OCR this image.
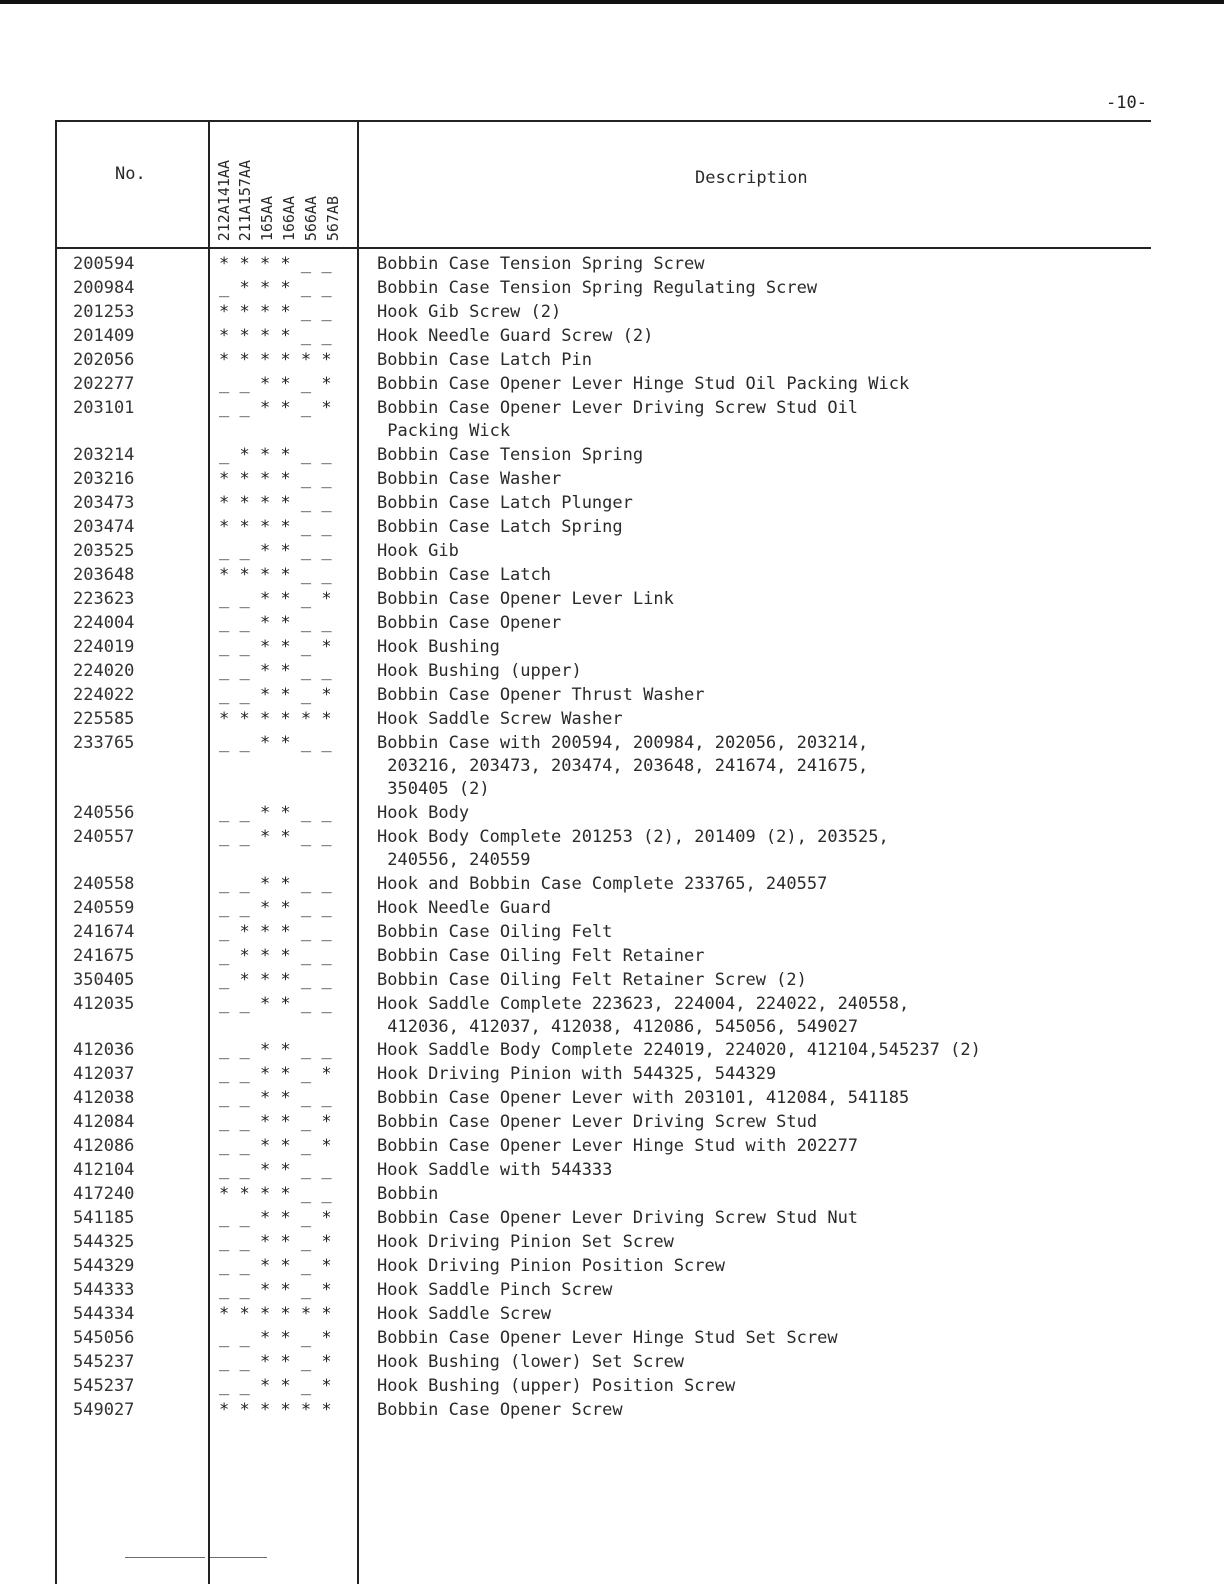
-10-
No.	212A141AA 211A157AA 165AA 166AA 566AA 567AB
Description
200594	* * * * _ _	Bobbin Case Tension Spring Screw
200984	_ * * * _ _	Bobbin Case Tension Spring Regulating Screw
201253	* * * * _ _	Hook Gib Screw (2)
201409	* * * * _ _	Hook Needle Guard Screw (2)
202056	* * * * * *	Bobbin Case Latch Pin
202277	_ _ * * _ *	Bobbin Case Opener Lever Hinge Stud Oil Packing Wick
203101	_ _ * * _ *	Bobbin Case Opener Lever Driving Screw Stud Oil
Packing Wick
203214	_ * * * _ _	Bobbin Case Tension Spring
203216	* * * * _ _	Bobbin Case Washer
203473	* * * * _ _	Bobbin Case Latch Plunger
203474	* * * * _ _	Bobbin Case Latch Spring
203525	_ _ * * _ _	Hook Gib
203648	* * * * _ _	Bobbin Case Latch
223623	_ _ * * _ *	Bobbin Case Opener Lever Link
224004	_ _ * * _ _	Bobbin Case Opener
224019	_ _ * * _ *	Hook Bushing
224020	_ _ * * _ _	Hook Bushing (upper)
224022	_ _ * * _ *	Bobbin Case Opener Thrust Washer
225585	* * * * * *	Hook Saddle Screw Washer
233765	_ _ * * _ _	Bobbin Case with 200594, 200984, 202056, 203214,
203216, 203473, 203474, 203648, 241674, 241675,
350405 (2)
240556	_ _ * * _ _	Hook Body
240557	_ _ * * _ _	Hook Body Complete 201253 (2), 201409 (2), 203525,
240556, 240559
240558	_ _ * * _ _	Hook and Bobbin Case Complete 233765, 240557
240559	_ _ * * _ _	Hook Needle Guard
241674	_ * * * _ _	Bobbin Case Oiling Felt
241675	_ * * * _ _	Bobbin Case Oiling Felt Retainer
350405	_ * * * _ _	Bobbin Case Oiling Felt Retainer Screw (2)
412035	_ _ * * _ _	Hook Saddle Complete 223623, 224004, 224022, 240558,
412036, 412037, 412038, 412086, 545056, 549027
412036	_ _ * * _ _	Hook Saddle Body Complete 224019, 224020, 412104,545237 (2)
412037	_ _ * * _ *	Hook Driving Pinion with 544325, 544329
412038	_ _ * * _ _	Bobbin Case Opener Lever with 203101, 412084, 541185
412084	_ _ * * _ *	Bobbin Case Opener Lever Driving Screw Stud
412086	_ _ * * _ *	Bobbin Case Opener Lever Hinge Stud with 202277
412104	_ _ * * _ _	Hook Saddle with 544333
417240	* * * * _ _	Bobbin
541185	_ _ * * _ *	Bobbin Case Opener Lever Driving Screw Stud Nut
544325	_ _ * * _ *	Hook Driving Pinion Set Screw
544329	_ _ * * _ *	Hook Driving Pinion Position Screw
544333	_ _ * * _ *	Hook Saddle Pinch Screw
544334	* * * * * *	Hook Saddle Screw
545056	_ _ * * _ *	Bobbin Case Opener Lever Hinge Stud Set Screw
545237	_ _ * * _ *	Hook Bushing (lower) Set Screw
545237	_ _ * * _ *	Hook Bushing (upper) Position Screw
549027	* * * * * *	Bobbin Case Opener Screw
